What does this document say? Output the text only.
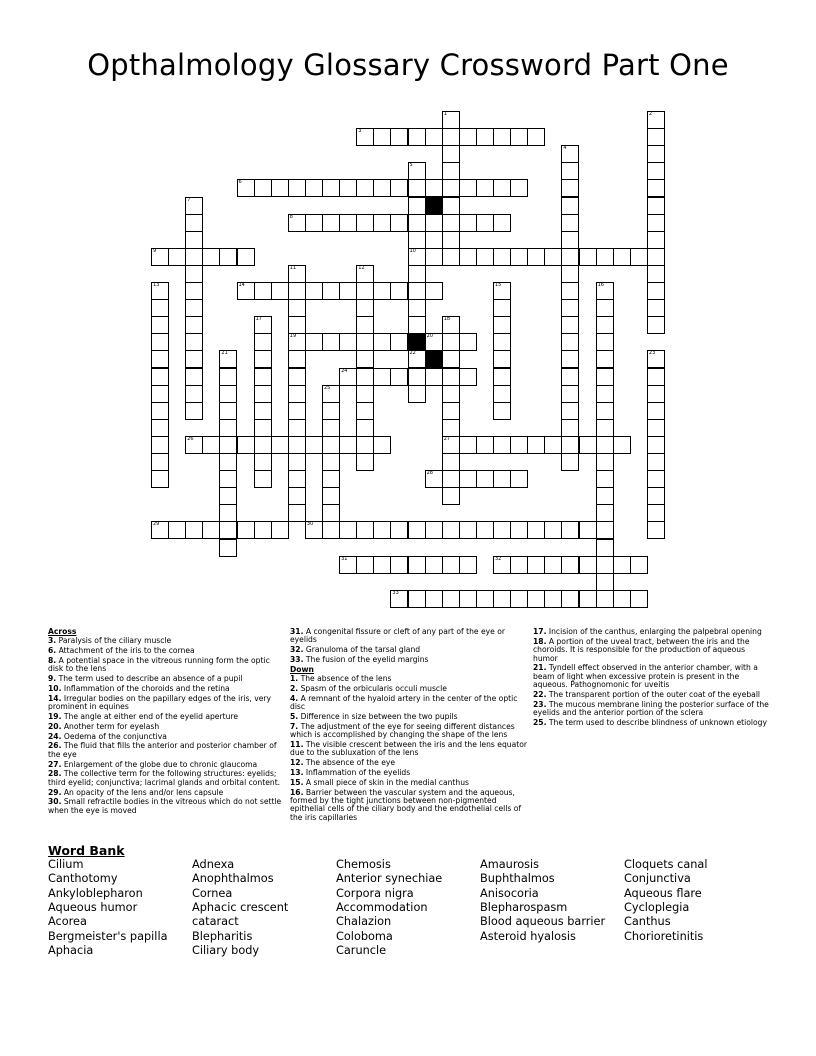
Opthalmology Glossary Crossword Part One
1	2
3
4
5
10
22
6
7
8
9
11
19
12
13	14	15	16
17	18
27
20
21	23
24
25
26
28
29	30
31	32
33
Across
3. Paralysis of the ciliary muscle
6. Attachment of the iris to the cornea
8. A potential space in the vitreous running form the optic disk to the lens
9. The term used to describe an absence of a pupil
10. Inflammation of the choroids and the retina
14. Irregular bodies on the papillary edges of the iris, very prominent in equines
19. The angle at either end of the eyelid aperture
20. Another term for eyelash
24. Oedema of the conjunctiva
26. The fluid that fills the anterior and posterior chamber of the eye
27. Enlargement of the globe due to chronic glaucoma
28. The collective term for the following structures: eyelids; third eyelid; conjunctiva; lacrimal glands and orbital content.
29. An opacity of the lens and/or lens capsule
30. Small refractile bodies in the vitreous which do not settle when the eye is moved
31. A congenital fissure or cleft of any part of the eye or eyelids
32. Granuloma of the tarsal gland
33. The fusion of the eyelid margins
Down
1. The absence of the lens
2. Spasm of the orbicularis occuli muscle
4. A remnant of the hyaloid artery in the center of the optic disc
5. Difference in size between the two pupils
7. The adjustment of the eye for seeing different distances which is accomplished by changing the shape of the lens
11. The visible crescent between the iris and the lens equator due to the subluxation of the lens
12. The absence of the eye
13. Inflammation of the eyelids
15. A small piece of skin in the medial canthus
16. Barrier between the vascular system and the aqueous, formed by the tight junctions between non-pigmented epithelial cells of the ciliary body and the endothelial cells of the iris capillaries
17. Incision of the canthus, enlarging the palpebral opening
18. A portion of the uveal tract, between the iris and the choroids. It is responsible for the production of aqueous humor
21. Tyndell effect observed in the anterior chamber, with a beam of light when excessive protein is present in the aqueous. Pathognomonic for uveitis
22. The transparent portion of the outer coat of the eyeball
23. The mucous membrane lining the posterior surface of the eyelids and the anterior portion of the sclera
25. The term used to describe blindness of unknown etiology
Word Bank
Cilium
Canthotomy
Ankyloblepharon
Aqueous humor
Acorea
Bergmeister's papilla
Aphacia
Adnexa
Anophthalmos
Cornea
Aphacic crescent
cataract
Blepharitis
Ciliary body
Chemosis
Anterior synechiae
Corpora nigra
Accommodation
Chalazion
Coloboma
Caruncle
Amaurosis
Buphthalmos
Anisocoria
Blepharospasm
Blood aqueous barrier
Asteroid hyalosis
Cloquets canal
Conjunctiva
Aqueous flare
Cycloplegia
Canthus
Chorioretinitis
